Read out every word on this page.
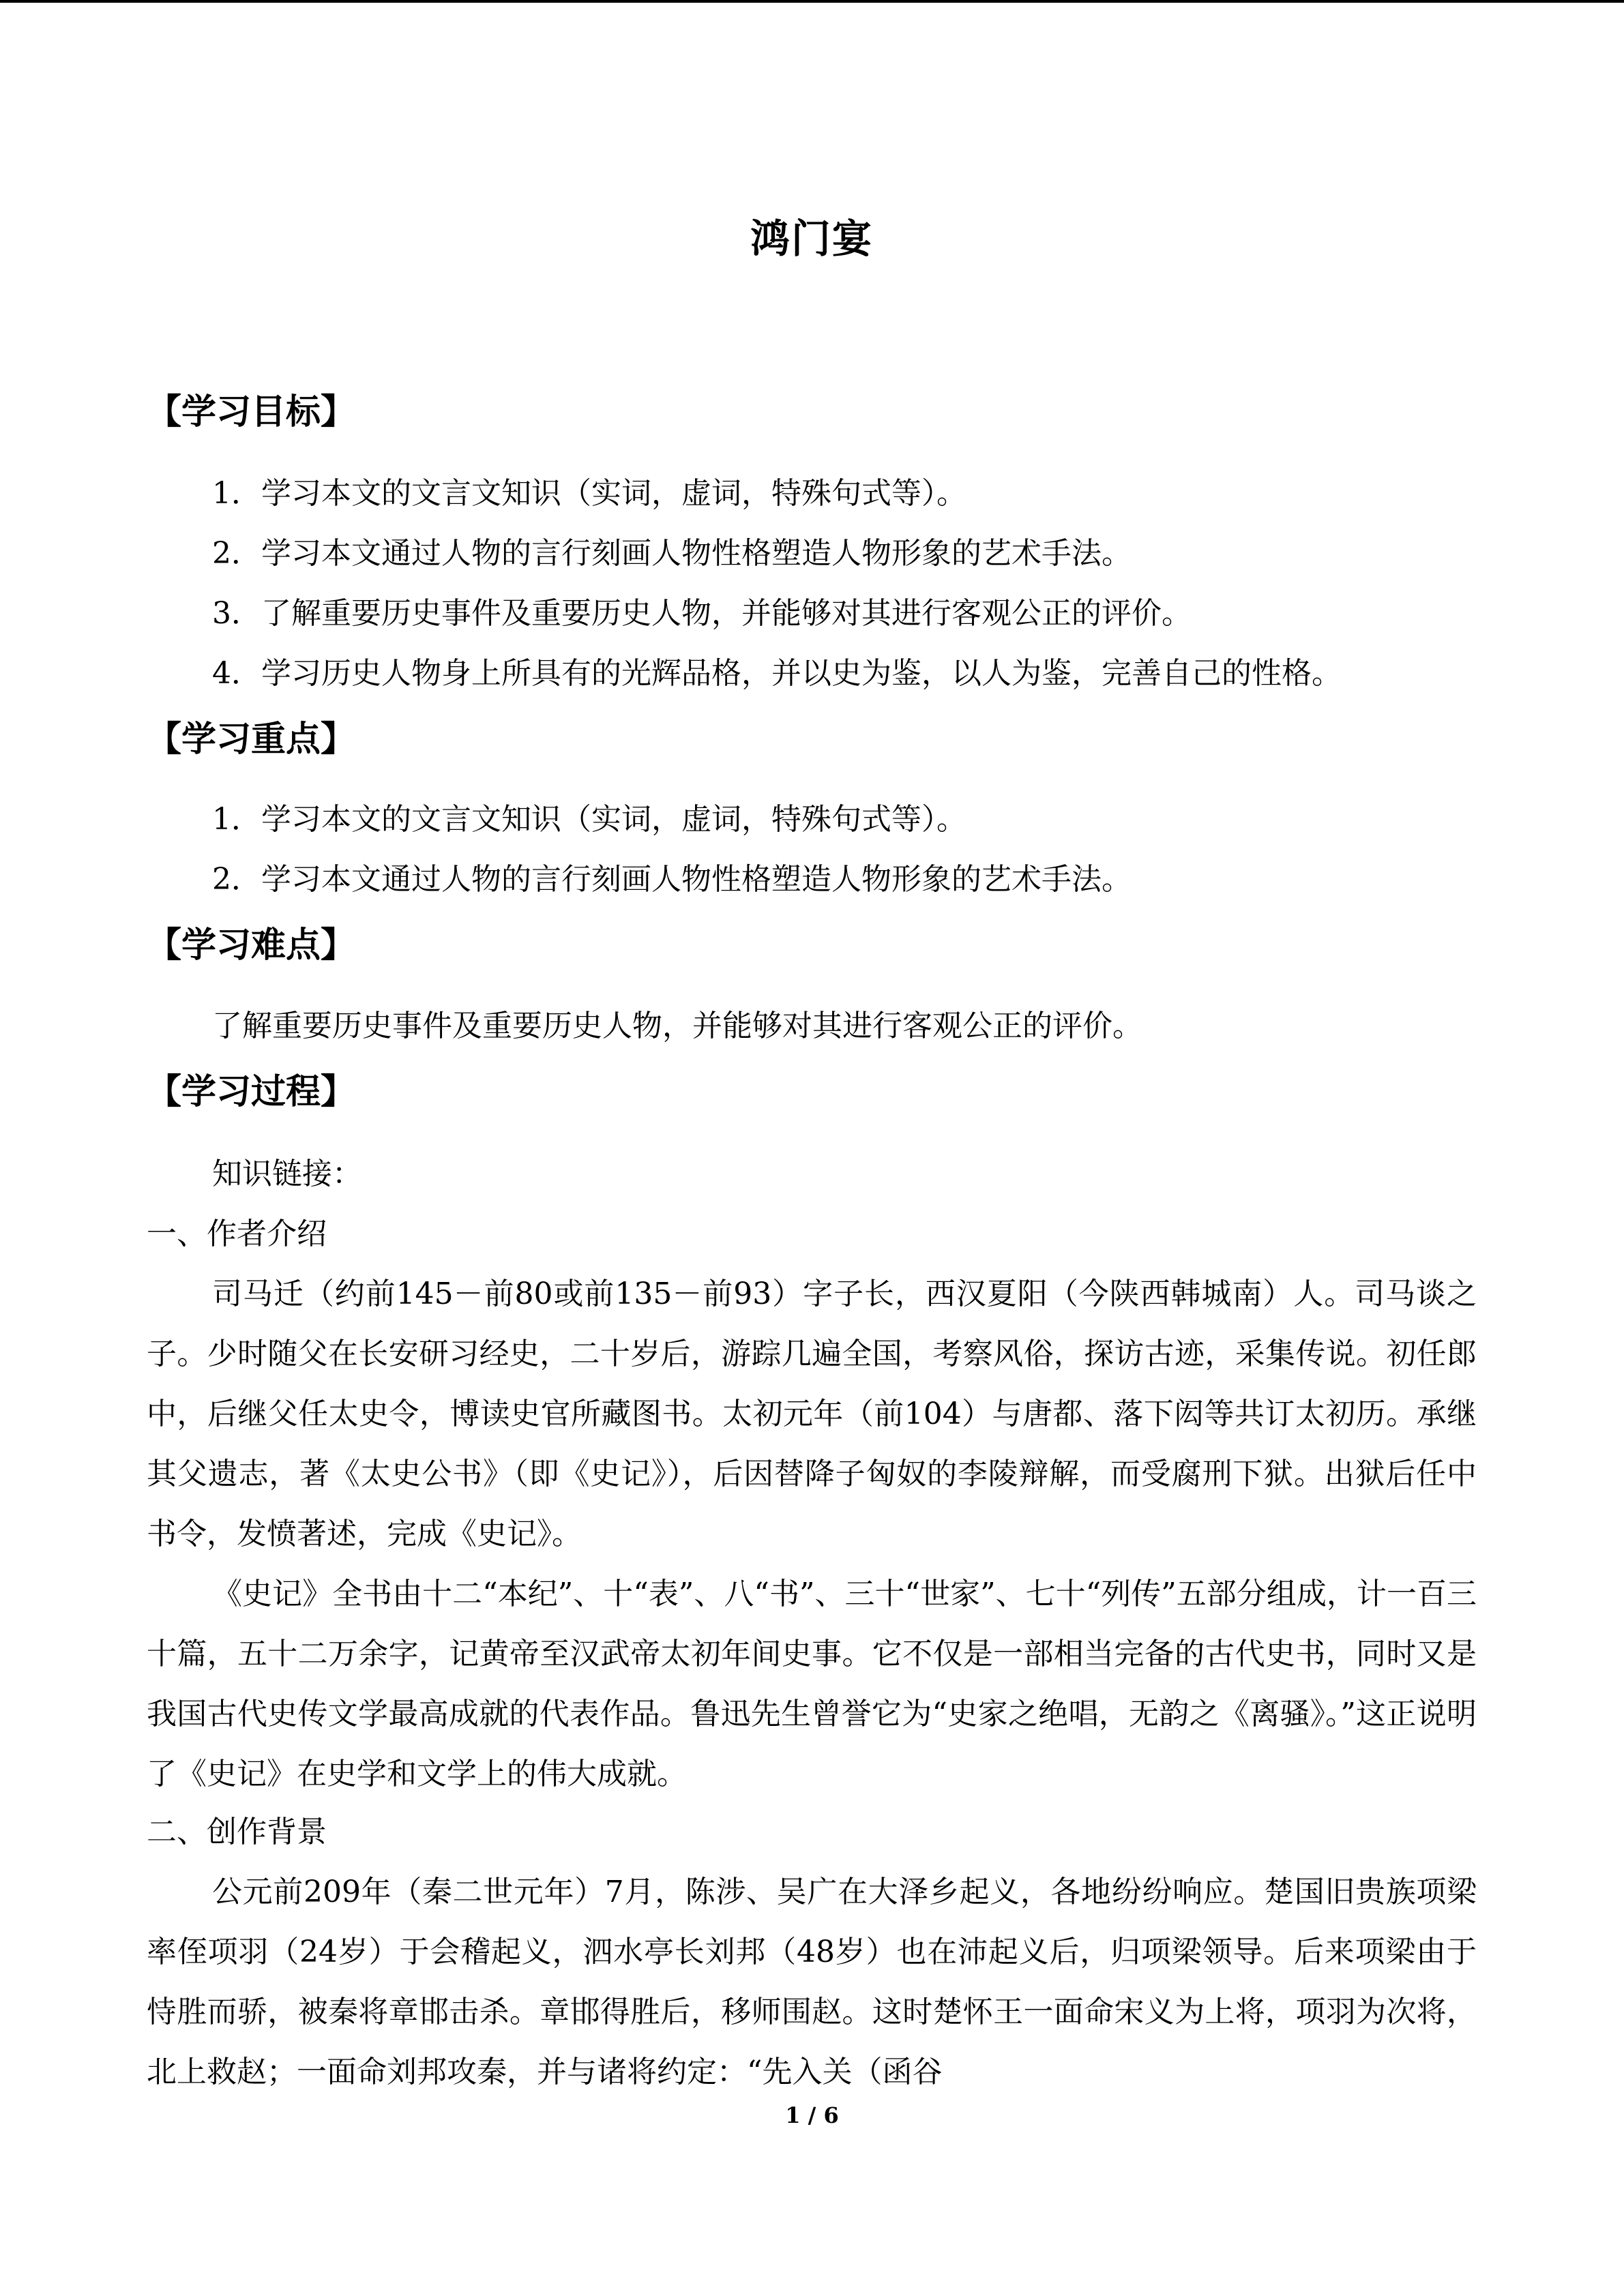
鸿门宴
【学习目标】
1．学习本文的文言文知识（实词，虚词，特殊句式等）。
2．学习本文通过人物的言行刻画人物性格塑造人物形象的艺术手法。
3．了解重要历史事件及重要历史人物，并能够对其进行客观公正的评价。
4．学习历史人物身上所具有的光辉品格，并以史为鉴，以人为鉴，完善自己的性格。
【学习重点】
1．学习本文的文言文知识（实词，虚词，特殊句式等）。
2．学习本文通过人物的言行刻画人物性格塑造人物形象的艺术手法。
【学习难点】
了解重要历史事件及重要历史人物，并能够对其进行客观公正的评价。
【学习过程】
知识链接：
一、作者介绍
司马迁（约前145－前80或前135－前93）字子长，西汉夏阳（今陕西韩城南）人。司马谈之子。少时随父在长安研习经史，二十岁后，游踪几遍全国，考察风俗，探访古迹，采集传说。初任郎中，后继父任太史令，博读史官所藏图书。太初元年（前104）与唐都、落下闳等共订太初历。承继其父遗志，著《太史公书》（即《史记》），后因替降子匈奴的李陵辩解，而受腐刑下狱。出狱后任中书令，发愤著述，完成《史记》。
《史记》全书由十二“本纪”、十“表”、八“书”、三十“世家”、七十“列传”五部分组成，计一百三十篇，五十二万余字，记黄帝至汉武帝太初年间史事。它不仅是一部相当完备的古代史书，同时又是我国古代史传文学最高成就的代表作品。鲁迅先生曾誉它为“史家之绝唱，无韵之《离骚》。”这正说明了《史记》在史学和文学上的伟大成就。
二、创作背景
公元前209年（秦二世元年）7月，陈涉、吴广在大泽乡起义，各地纷纷响应。楚国旧贵族项梁率侄项羽（24岁）于会稽起义，泗水亭长刘邦（48岁）也在沛起义后，归项梁领导。后来项梁由于恃胜而骄，被秦将章邯击杀。章邯得胜后，移师围赵。这时楚怀王一面命宋义为上将，项羽为次将，北上救赵；一面命刘邦攻秦，并与诸将约定：“先入关（函谷
1 / 6
